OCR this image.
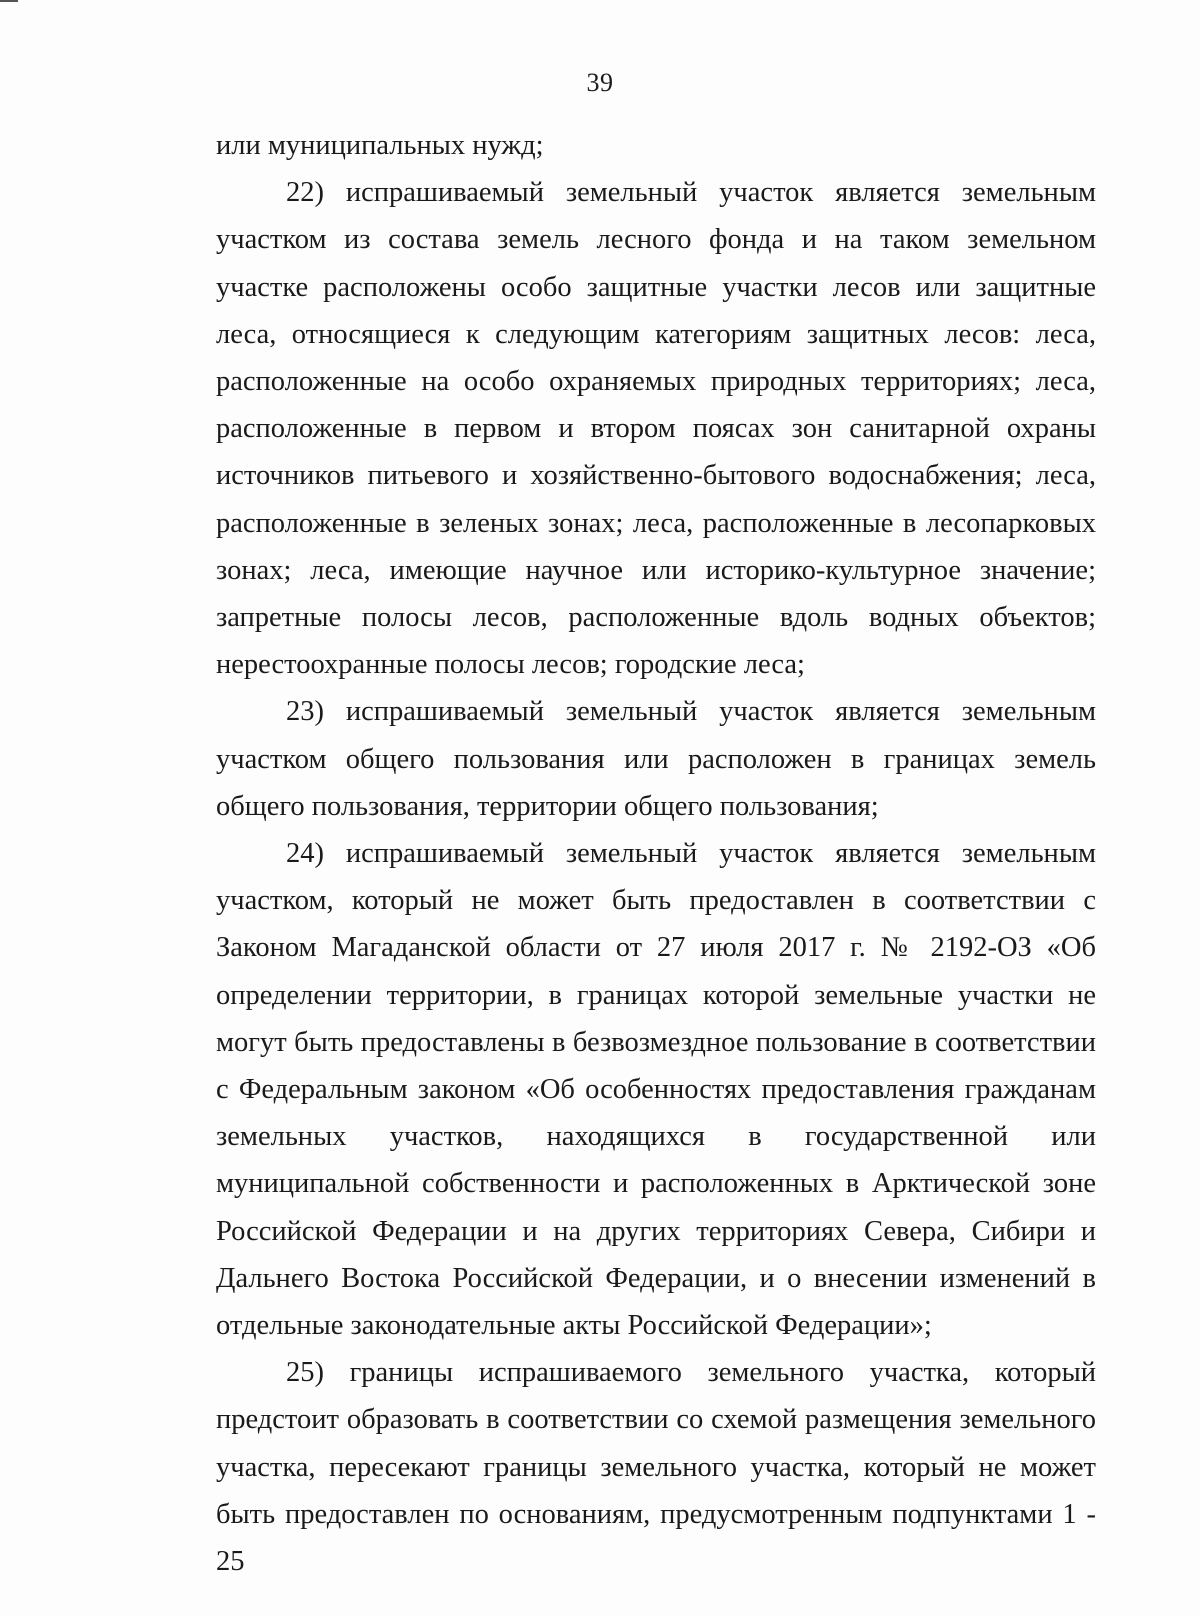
39

или муниципальных нужд;

22) испрашиваемый земельный участок является земельным участком из состава земель лесного фонда и на таком земельном участке расположены особо защитные участки лесов или защитные леса, относящиеся к следующим категориям защитных лесов: леса, расположенные на особо охраняемых природных территориях; леса, расположенные в первом и втором поясах зон санитарной охраны источников питьевого и хозяйственно-бытового водоснабжения; леса, расположенные в зеленых зонах; леса, расположенные в лесопарковых зонах; леса, имеющие научное или историко-культурное значение; запретные полосы лесов, расположенные вдоль водных объектов; нерестоохранные полосы лесов; городские леса;

23) испрашиваемый земельный участок является земельным участком общего пользования или расположен в границах земель общего пользования, территории общего пользования;

24) испрашиваемый земельный участок является земельным участком, который не может быть предоставлен в соответствии с Законом Магаданской области от 27 июля 2017 г. № 2192-ОЗ «Об определении территории, в границах которой земельные участки не могут быть предоставлены в безвозмездное пользование в соответствии с Федеральным законом «Об особенностях предоставления гражданам земельных участков, находящихся в государственной или муниципальной собственности и расположенных в Арктической зоне Российской Федерации и на других территориях Севера, Сибири и Дальнего Востока Российской Федерации, и о внесении изменений в отдельные законодательные акты Российской Федерации»;

25) границы испрашиваемого земельного участка, который предстоит образовать в соответствии со схемой размещения земельного участка, пересекают границы земельного участка, который не может быть предоставлен по основаниям, предусмотренным подпунктами 1 - 25
